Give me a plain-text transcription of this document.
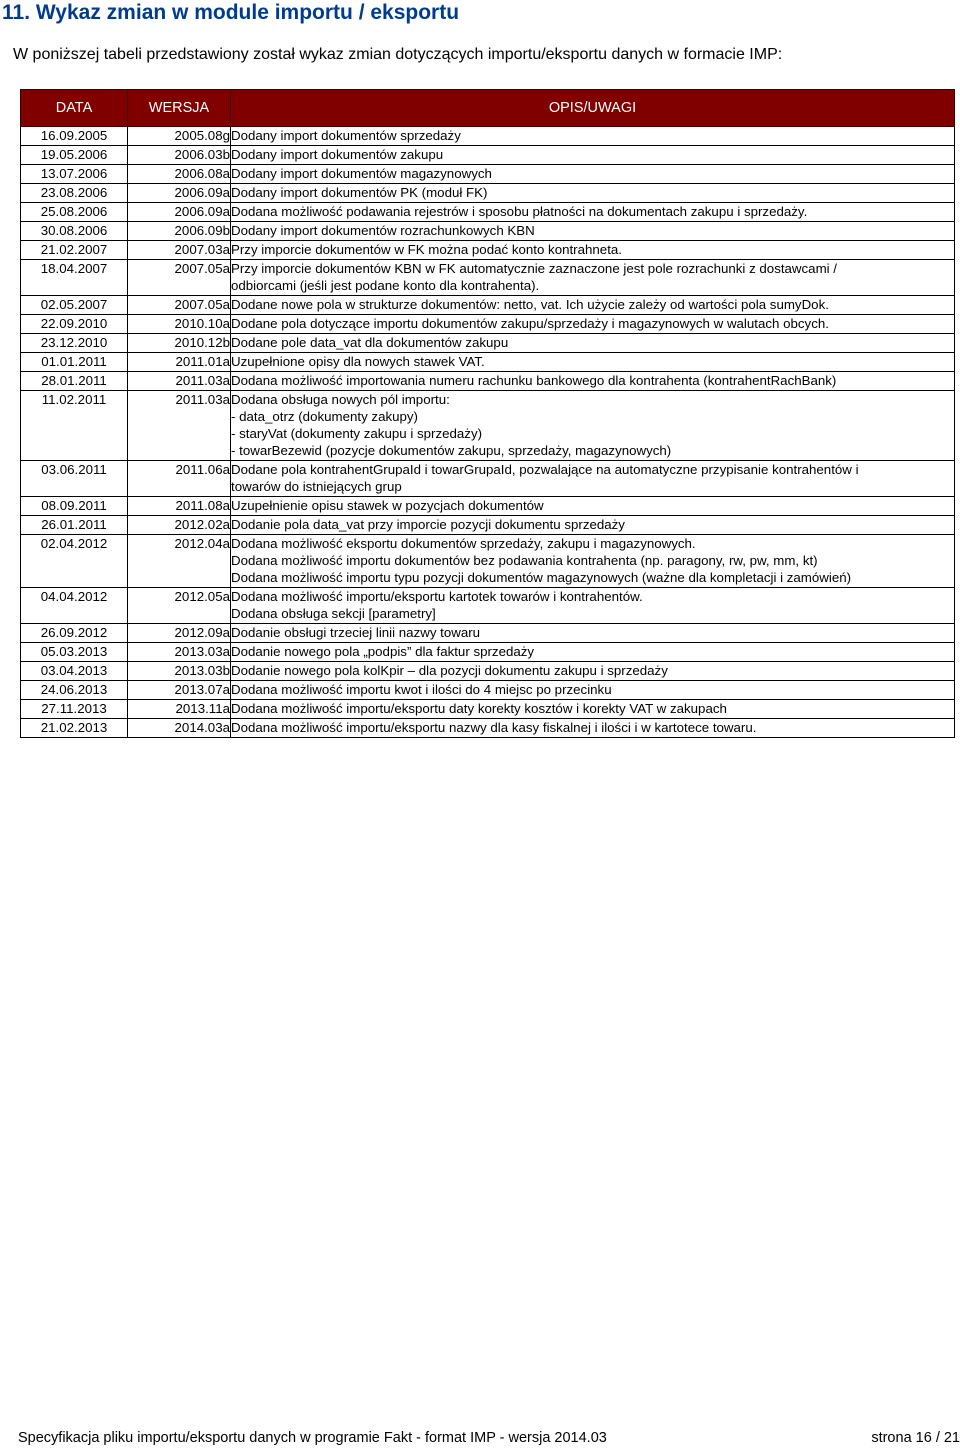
11. Wykaz zmian w module importu / eksportu

W poniższej tabeli przedstawiony został wykaz zmian dotyczących importu/eksportu danych w formacie IMP:

DATA	WERSJA	OPIS/UWAGI
16.09.2005	2005.08g	Dodany import dokumentów sprzedaży

19.05.2006	2006.03b	Dodany import dokumentów zakupu

13.07.2006	2006.08a	Dodany import dokumentów magazynowych

23.08.2006	2006.09a	Dodany import dokumentów PK (moduł FK)

25.08.2006	2006.09a	Dodana możliwość podawania rejestrów i sposobu płatności na dokumentach zakupu i sprzedaży.

30.08.2006	2006.09b	Dodany import dokumentów rozrachunkowych KBN

21.02.2007	2007.03a	Przy imporcie dokumentów w FK można podać konto kontrahneta.

18.04.2007	2007.05a	Przy imporcie dokumentów KBN w FK automatycznie zaznaczone jest pole rozrachunki z dostawcami /
odbiorcami (jeśli jest podane konto dla kontrahenta).

02.05.2007	2007.05a	Dodane nowe pola w strukturze dokumentów: netto, vat. Ich użycie zależy od wartości pola sumyDok.

22.09.2010	2010.10a	Dodane pola dotyczące importu dokumentów zakupu/sprzedaży i magazynowych w walutach obcych.

23.12.2010	2010.12b	Dodane pole data_vat dla dokumentów zakupu

01.01.2011	2011.01a	Uzupełnione opisy dla nowych stawek VAT.

28.01.2011	2011.03a	Dodana możliwość importowania numeru rachunku bankowego dla kontrahenta (kontrahentRachBank)

11.02.2011	2011.03a	Dodana obsługa nowych pól importu:
- data_otrz (dokumenty zakupy)
- staryVat (dokumenty zakupu i sprzedaży)
- towarBezewid (pozycje dokumentów zakupu, sprzedaży, magazynowych)

03.06.2011	2011.06a	Dodane pola kontrahentGrupaId i towarGrupaId, pozwalające na automatyczne przypisanie kontrahentów i
towarów do istniejących grup

08.09.2011	2011.08a	Uzupełnienie opisu stawek w pozycjach dokumentów

26.01.2011	2012.02a	Dodanie pola data_vat przy imporcie pozycji dokumentu sprzedaży

02.04.2012	2012.04a	Dodana możliwość eksportu dokumentów sprzedaży, zakupu i magazynowych.
Dodana możliwość importu dokumentów bez podawania kontrahenta (np. paragony, rw, pw, mm, kt)
Dodana możliwość importu typu pozycji dokumentów magazynowych (ważne dla kompletacji i zamówień)

04.04.2012	2012.05a	Dodana możliwość importu/eksportu kartotek towarów i kontrahentów.
Dodana obsługa sekcji [parametry]

26.09.2012	2012.09a	Dodanie obsługi trzeciej linii nazwy towaru

05.03.2013	2013.03a	Dodanie nowego pola „podpis” dla faktur sprzedaży

03.04.2013	2013.03b	Dodanie nowego pola kolKpir – dla pozycji dokumentu zakupu i sprzedaży

24.06.2013	2013.07a	Dodana możliwość importu kwot i ilości do 4 miejsc po przecinku

27.11.2013	2013.11a	Dodana możliwość importu/eksportu daty korekty kosztów i korekty VAT w zakupach

21.02.2013	2014.03a	Dodana możliwość importu/eksportu nazwy dla kasy fiskalnej i ilości i w kartotece towaru.
Specyfikacja pliku importu/eksportu danych w programie Fakt - format IMP - wersja 2014.03	strona 16 / 21
